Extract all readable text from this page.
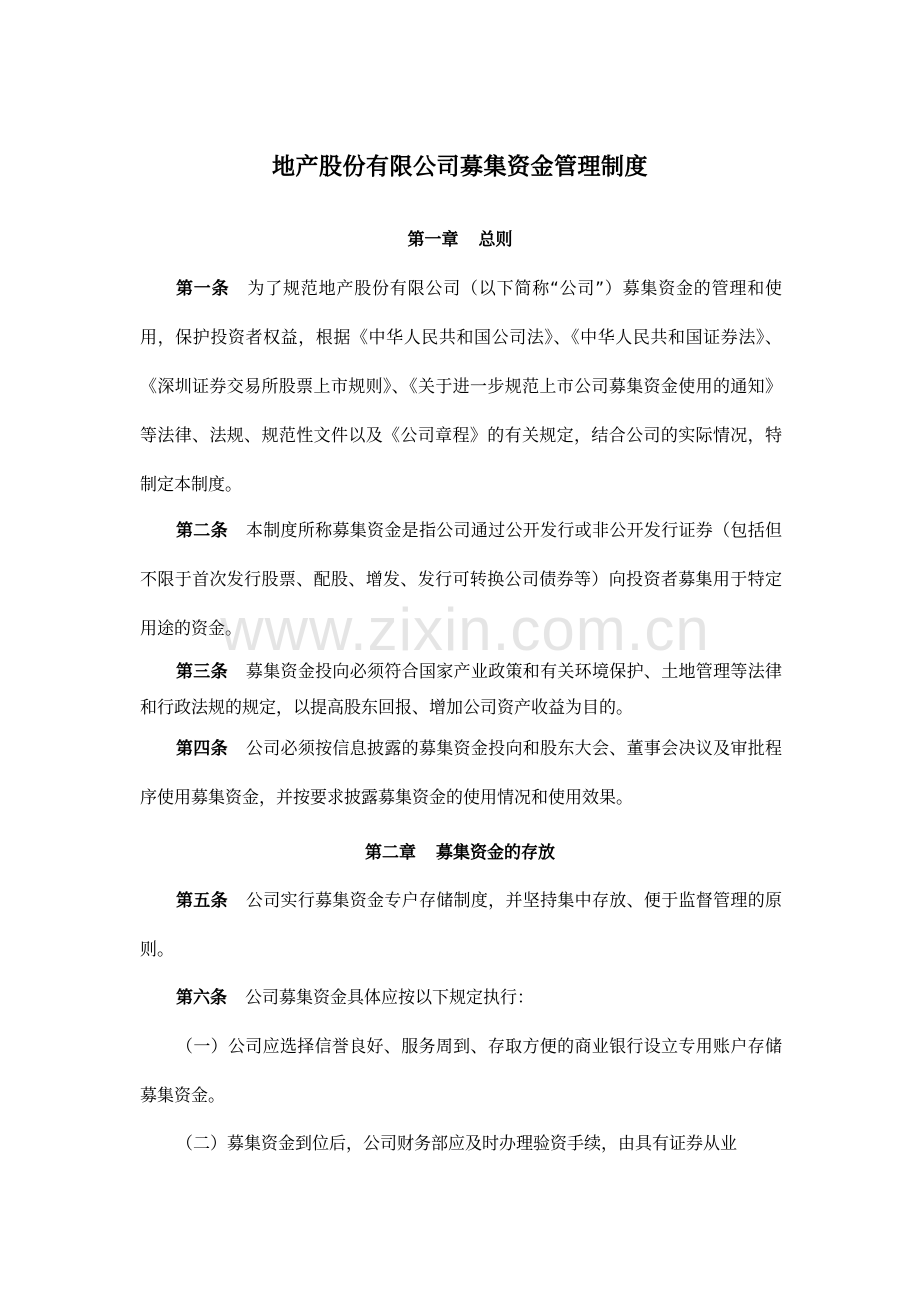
地产股份有限公司募集资金管理制度
第一章 总则

第一条 为了规范地产股份有限公司（以下简称“公司”）募集资金的管理和使用，保护投资者权益，根据《中华人民共和国公司法》、《中华人民共和国证券法》、《深圳证券交易所股票上市规则》、《关于进一步规范上市公司募集资金使用的通知》等法律、法规、规范性文件以及《公司章程》的有关规定，结合公司的实际情况，特制定本制度。

第二条 本制度所称募集资金是指公司通过公开发行或非公开发行证券（包括但不限于首次发行股票、配股、增发、发行可转换公司债券等）向投资者募集用于特定用途的资金。

第三条 募集资金投向必须符合国家产业政策和有关环境保护、土地管理等法律和行政法规的规定，以提高股东回报、增加公司资产收益为目的。

第四条 公司必须按信息披露的募集资金投向和股东大会、董事会决议及审批程序使用募集资金，并按要求披露募集资金的使用情况和使用效果。

第二章 募集资金的存放

第五条 公司实行募集资金专户存储制度，并坚持集中存放、便于监督管理的原则。

第六条 公司募集资金具体应按以下规定执行：

（一）公司应选择信誉良好、服务周到、存取方便的商业银行设立专用账户存储募集资金。

（二）募集资金到位后，公司财务部应及时办理验资手续，由具有证券从业

www.zixin.com.cn
